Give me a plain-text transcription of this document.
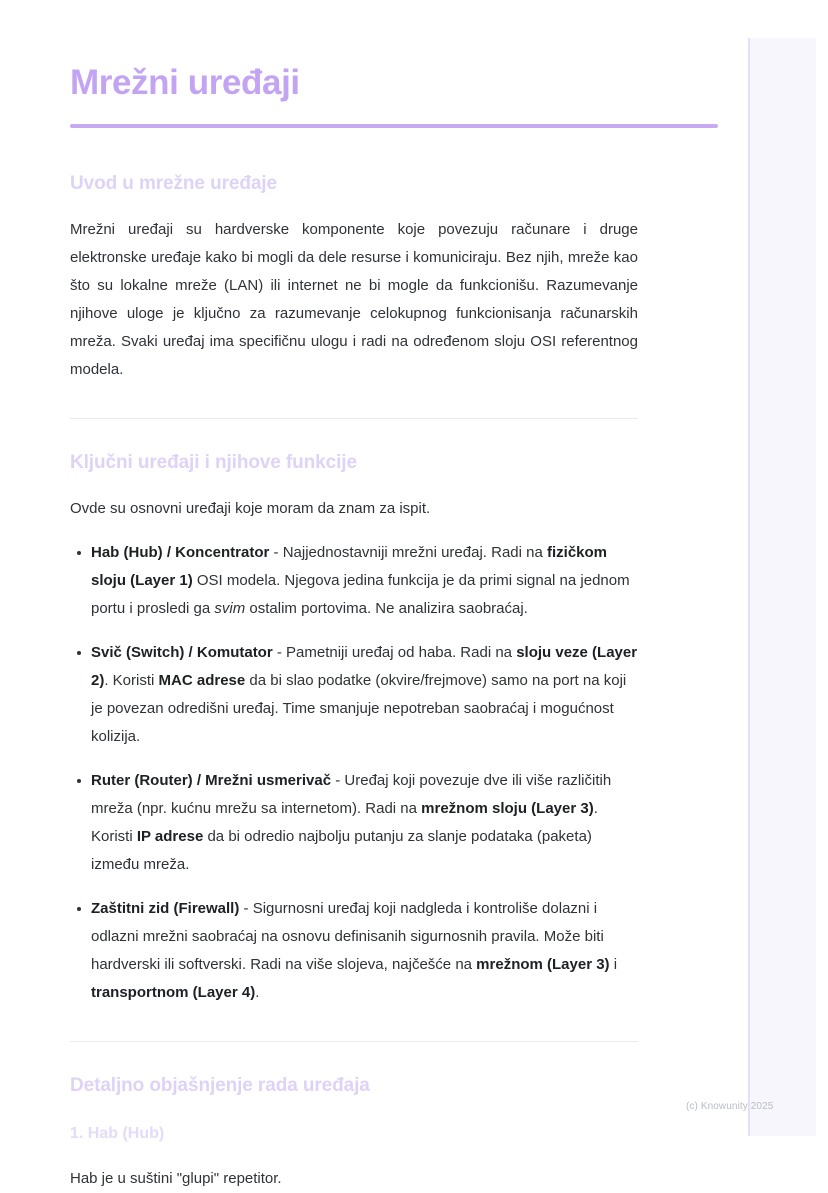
Mrežni uređaji
Uvod u mrežne uređaje

Mrežni uređaji su hardverske komponente koje povezuju računare i druge elektronske uređaje kako bi mogli da dele resurse i komuniciraju. Bez njih, mreže kao što su lokalne mreže (LAN) ili internet ne bi mogle da funkcionišu. Razumevanje njihove uloge je ključno za razumevanje celokupnog funkcionisanja računarskih mreža. Svaki uređaj ima specifičnu ulogu i radi na određenom sloju OSI referentnog modela.

Ključni uređaji i njihove funkcije

Ovde su osnovni uređaji koje moram da znam za ispit.

Hab (Hub) / Koncentrator - Najjednostavniji mrežni uređaj. Radi na fizičkom sloju (Layer 1) OSI modela. Njegova jedina funkcija je da primi signal na jednom portu i prosledi ga svim ostalim portovima. Ne analizira saobraćaj.
Svič (Switch) / Komutator - Pametniji uređaj od haba. Radi na sloju veze (Layer 2). Koristi MAC adrese da bi slao podatke (okvire/frejmove) samo na port na koji je povezan odredišni uređaj. Time smanjuje nepotreban saobraćaj i mogućnost kolizija.
Ruter (Router) / Mrežni usmerivač - Uređaj koji povezuje dve ili više različitih mreža (npr. kućnu mrežu sa internetom). Radi na mrežnom sloju (Layer 3). Koristi IP adrese da bi odredio najbolju putanju za slanje podataka (paketa) između mreža.
Zaštitni zid (Firewall) - Sigurnosni uređaj koji nadgleda i kontroliše dolazni i odlazni mrežni saobraćaj na osnovu definisanih sigurnosnih pravila. Može biti hardverski ili softverski. Radi na više slojeva, najčešće na mrežnom (Layer 3) i transportnom (Layer 4).
Detaljno objašnjenje rada uređaja
1. Hab (Hub)

Hab je u suštini "glupi" repetitor.

(c) Knowunity 2025
